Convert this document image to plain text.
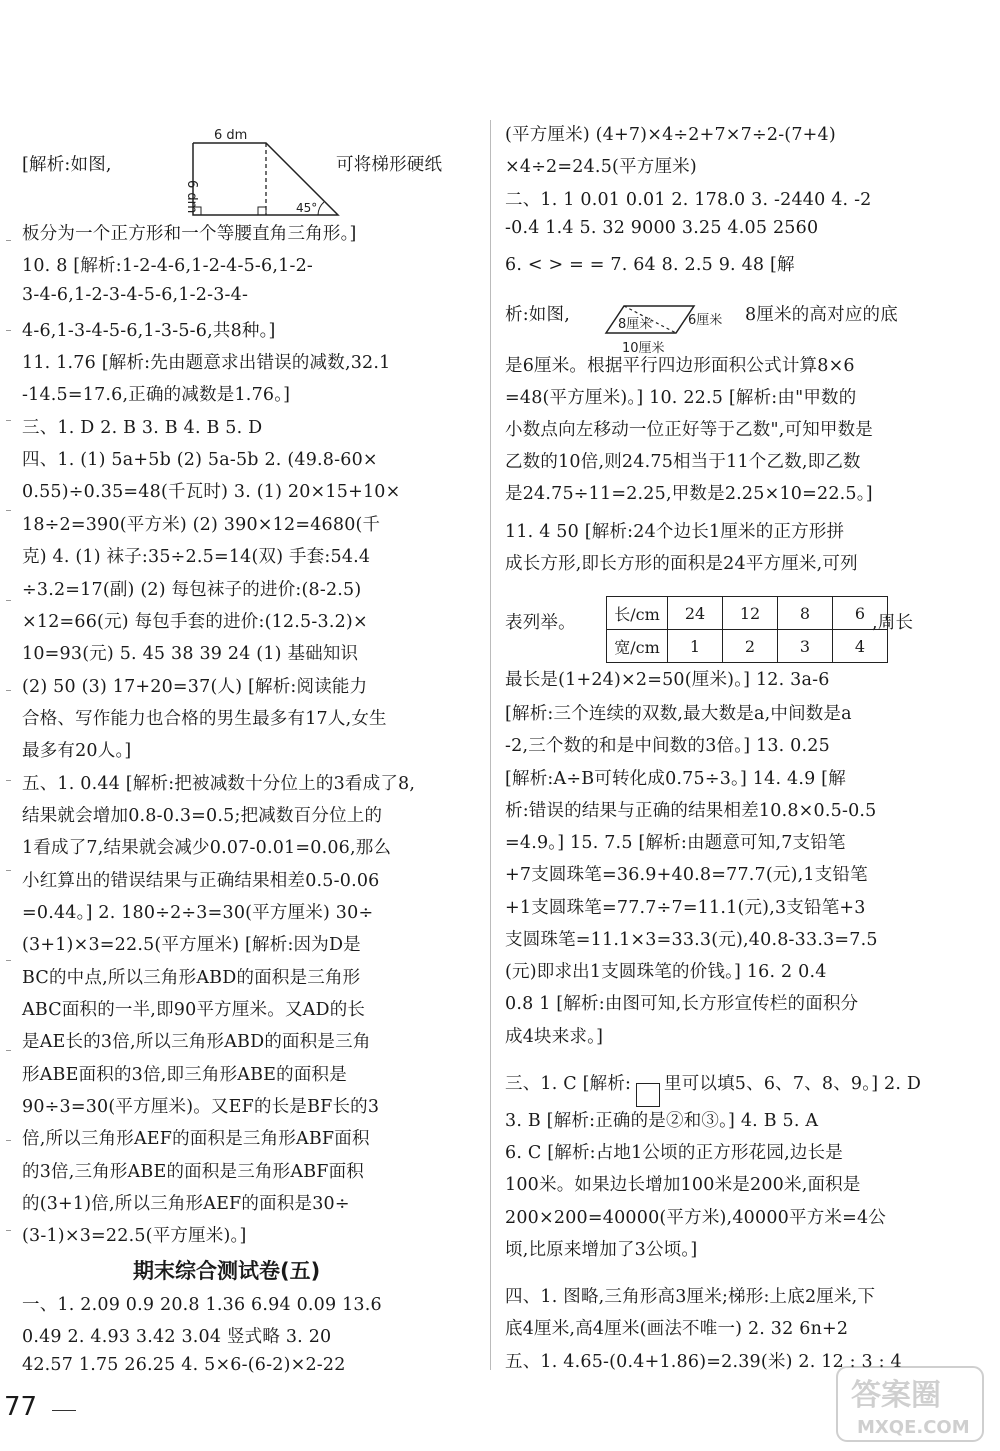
[解析:如图,	可将梯形硬纸
板分为一个正方形和一个等腰直角三角形。]
10. 8 [解析:1-2-4-6,1-2-4-5-6,1-2-
3-4-6,1-2-3-4-5-6,1-2-3-4-
4-6,1-3-4-5-6,1-3-5-6,共8种。]
11. 1.76 [解析:先由题意求出错误的减数,32.1
-14.5=17.6,正确的减数是1.76。]
三、1. D 2. B 3. B 4. B 5. D
四、1. (1) 5a+5b (2) 5a-5b 2. (49.8-60×
0.55)÷0.35=48(千瓦时) 3. (1) 20×15+10×
18÷2=390(平方米) (2) 390×12=4680(千
克) 4. (1) 袜子:35÷2.5=14(双) 手套:54.4
÷3.2=17(副) (2) 每包袜子的进价:(8-2.5)
×12=66(元) 每包手套的进价:(12.5-3.2)×
10=93(元) 5. 45 38 39 24 (1) 基础知识
(2) 50 (3) 17+20=37(人) [解析:阅读能力
合格、写作能力也合格的男生最多有17人,女生
最多有20人。]
五、1. 0.44 [解析:把被减数十分位上的3看成了8,
结果就会增加0.8-0.3=0.5;把减数百分位上的
1看成了7,结果就会减少0.07-0.01=0.06,那么
小红算出的错误结果与正确结果相差0.5-0.06
=0.44。] 2. 180÷2÷3=30(平方厘米) 30÷
(3+1)×3=22.5(平方厘米) [解析:因为D是
BC的中点,所以三角形ABD的面积是三角形
ABC面积的一半,即90平方厘米。又AD的长
是AE长的3倍,所以三角形ABD的面积是三角
形ABE面积的3倍,即三角形ABE的面积是
90÷3=30(平方厘米)。又EF的长是BF长的3
倍,所以三角形AEF的面积是三角形ABF面积
的3倍,三角形ABE的面积是三角形ABF面积
的(3+1)倍,所以三角形AEF的面积是30÷
(3-1)×3=22.5(平方厘米)。]
一、1. 2.09 0.9 20.8 1.36 6.94 0.09 13.6
0.49 2. 4.93 3.42 3.04 竖式略 3. 20
42.57 1.75 26.25 4. 5×6-(6-2)×2-22
6 dm
6 dm	45°
期末综合测试卷(五)
(平方厘米) (4+7)×4÷2+7×7÷2-(7+4)
×4÷2=24.5(平方厘米)
二、1. 1 0.01 0.01 2. 178.0 3. -2440 4. -2
-0.4 1.4 5. 32 9000 3.25 4.05 2560
6. < > = = 7. 64 8. 2.5 9. 48 [解
析:如图,	8厘米的高对应的底
是6厘米。根据平行四边形面积公式计算8×6
=48(平方厘米)。] 10. 22.5 [解析:由"甲数的
小数点向左移动一位正好等于乙数",可知甲数是
乙数的10倍,则24.75相当于11个乙数,即乙数
是24.75÷11=2.25,甲数是2.25×10=22.5。]
11. 4 50 [解析:24个边长1厘米的正方形拼
成长方形,即长方形的面积是24平方厘米,可列
表列举。	,周长
最长是(1+24)×2=50(厘米)。] 12. 3a-6
[解析:三个连续的双数,最大数是a,中间数是a
-2,三个数的和是中间数的3倍。] 13. 0.25
[解析:A÷B可转化成0.75÷3。] 14. 4.9 [解
析:错误的结果与正确的结果相差10.8×0.5-0.5
=4.9。] 15. 7.5 [解析:由题意可知,7支铅笔
+7支圆珠笔=36.9+40.8=77.7(元),1支铅笔
+1支圆珠笔=77.7÷7=11.1(元),3支铅笔+3
支圆珠笔=11.1×3=33.3(元),40.8-33.3=7.5
(元)即求出1支圆珠笔的价钱。] 16. 2 0.4
0.8 1 [解析:由图可知,长方形宣传栏的面积分
成4块来求。]
三、1. C [解析: 里可以填5、6、7、8、9。] 2. D
3. B [解析:正确的是②和③。] 4. B 5. A
6. C [解析:占地1公顷的正方形花园,边长是
100米。如果边长增加100米是200米,面积是
200×200=40000(平方米),40000平方米=4公
顷,比原来增加了3公顷。]
四、1. 图略,三角形高3厘米;梯形:上底2厘米,下
底4厘米,高4厘米(画法不唯一) 2. 32 6n+2
五、1. 4.65-(0.4+1.86)=2.39(米) 2. 12 : 3 : 4
8厘米	6厘米
10厘米
长/cm	24	12	8	6
宽/cm	1	2	3	4
77	答案圈
MXQE.COM
